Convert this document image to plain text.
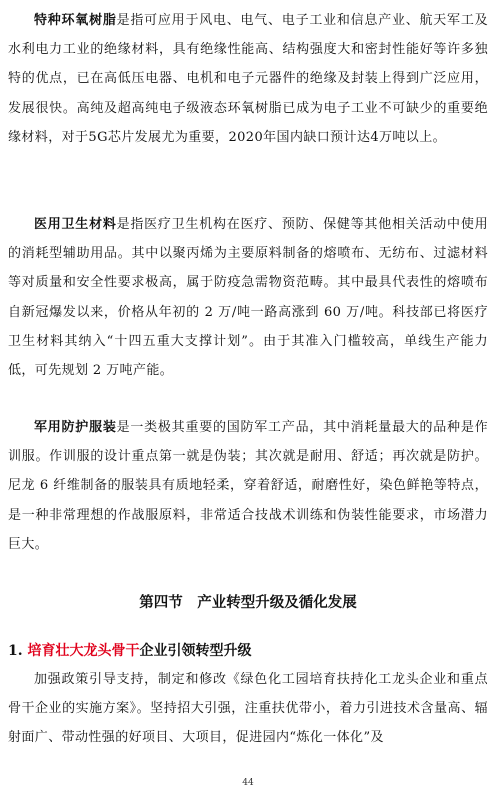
特种环氧树脂是指可应用于风电、电气、电子工业和信息产业、航天军工及水利电力工业的绝缘材料，具有绝缘性能高、结构强度大和密封性能好等许多独特的优点，已在高低压电器、电机和电子元器件的绝缘及封装上得到广泛应用，发展很快。高纯及超高纯电子级液态环氧树脂已成为电子工业不可缺少的重要绝缘材料，对于5G芯片发展尤为重要，2020年国内缺口预计达4万吨以上。

医用卫生材料是指医疗卫生机构在医疗、预防、保健等其他相关活动中使用的消耗型辅助用品。其中以聚丙烯为主要原料制备的熔喷布、无纺布、过滤材料等对质量和安全性要求极高，属于防疫急需物资范畴。其中最具代表性的熔喷布自新冠爆发以来，价格从年初的 2 万/吨一路高涨到 60 万/吨。科技部已将医疗卫生材料其纳入“十四五重大支撑计划”。由于其准入门槛较高，单线生产能力低，可先规划 2 万吨产能。

军用防护服装是一类极其重要的国防军工产品，其中消耗量最大的品种是作训服。作训服的设计重点第一就是伪装；其次就是耐用、舒适；再次就是防护。尼龙 6 纤维制备的服装具有质地轻柔，穿着舒适，耐磨性好，染色鲜艳等特点，是一种非常理想的作战服原料，非常适合技战术训练和伪装性能要求，市场潜力巨大。

第四节　产业转型升级及循化发展
1. 培育壮大龙头骨干企业引领转型升级

加强政策引导支持，制定和修改《绿色化工园培育扶持化工龙头企业和重点骨干企业的实施方案》。坚持招大引强，注重扶优带小，着力引进技术含量高、辐射面广、带动性强的好项目、大项目，促进园内“炼化一体化”及

44
